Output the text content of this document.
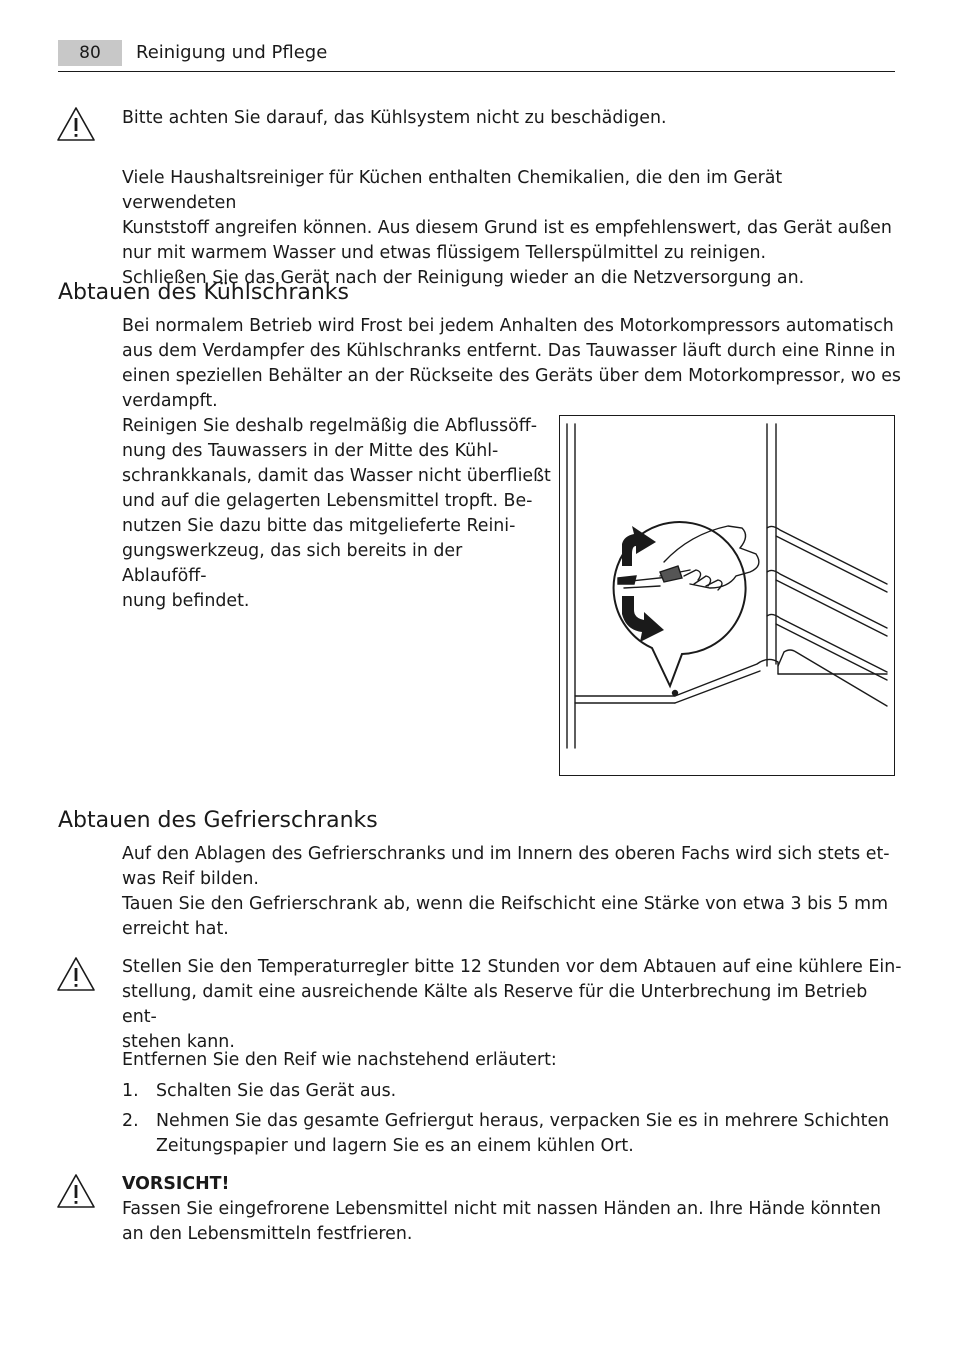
80	Reinigung und Pflege

Bitte achten Sie darauf, das Kühlsystem nicht zu beschädigen.

Viele Haushaltsreiniger für Küchen enthalten Chemikalien, die den im Gerät verwendeten

Kunststoff angreifen können. Aus diesem Grund ist es empfehlenswert, das Gerät außen

nur mit warmem Wasser und etwas flüssigem Tellerspülmittel zu reinigen.

Schließen Sie das Gerät nach der Reinigung wieder an die Netzversorgung an.

Abtauen des Kühlschranks

Bei normalem Betrieb wird Frost bei jedem Anhalten des Motorkompressors automatisch

aus dem Verdampfer des Kühlschranks entfernt. Das Tauwasser läuft durch eine Rinne in

einen speziellen Behälter an der Rückseite des Geräts über dem Motorkompressor, wo es

verdampft.

Reinigen Sie deshalb regelmäßig die Abflussöff-

nung des Tauwassers in der Mitte des Kühl-

schrankkanals, damit das Wasser nicht überfließt

und auf die gelagerten Lebensmittel tropft. Be-

nutzen Sie dazu bitte das mitgelieferte Reini-

gungswerkzeug, das sich bereits in der Ablauföff-

nung befindet.

Abtauen des Gefrierschranks

Auf den Ablagen des Gefrierschranks und im Innern des oberen Fachs wird sich stets et-

was Reif bilden.

Tauen Sie den Gefrierschrank ab, wenn die Reifschicht eine Stärke von etwa 3 bis 5 mm

erreicht hat.

Stellen Sie den Temperaturregler bitte 12 Stunden vor dem Abtauen auf eine kühlere Ein-

stellung, damit eine ausreichende Kälte als Reserve für die Unterbrechung im Betrieb ent-

stehen kann.

Entfernen Sie den Reif wie nachstehend erläutert:

1. Schalten Sie das Gerät aus.

2. Nehmen Sie das gesamte Gefriergut heraus, verpacken Sie es in mehrere Schichten

Zeitungspapier und lagern Sie es an einem kühlen Ort.

VORSICHT!

Fassen Sie eingefrorene Lebensmittel nicht mit nassen Händen an. Ihre Hände könnten

an den Lebensmitteln festfrieren.
